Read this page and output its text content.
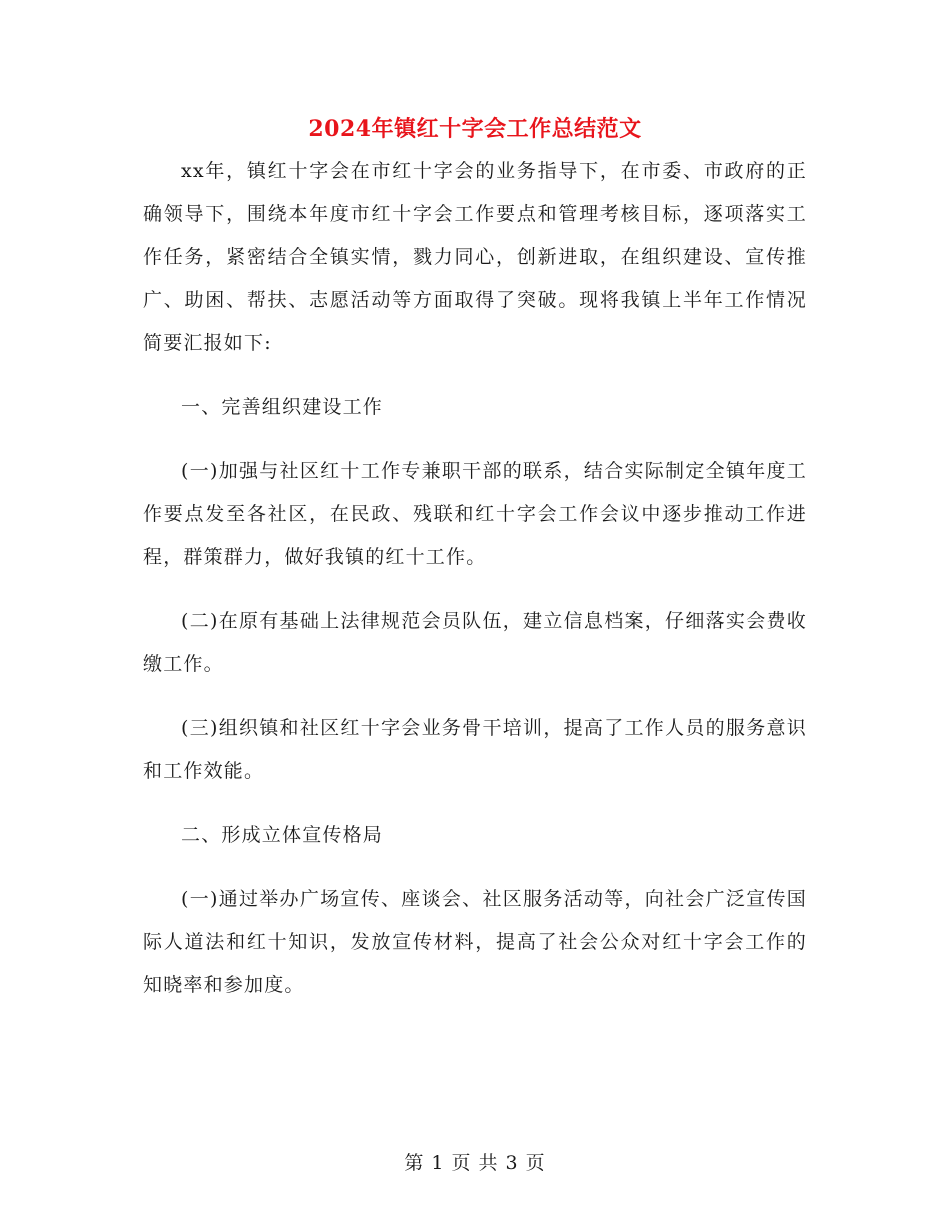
2024年镇红十字会工作总结范文

xx年，镇红十字会在市红十字会的业务指导下，在市委、市政府的正确领导下，围绕本年度市红十字会工作要点和管理考核目标，逐项落实工作任务，紧密结合全镇实情，戮力同心，创新进取，在组织建设、宣传推广、助困、帮扶、志愿活动等方面取得了突破。现将我镇上半年工作情况简要汇报如下:

一、完善组织建设工作

(一)加强与社区红十工作专兼职干部的联系，结合实际制定全镇年度工作要点发至各社区，在民政、残联和红十字会工作会议中逐步推动工作进程，群策群力，做好我镇的红十工作。

(二)在原有基础上法律规范会员队伍，建立信息档案，仔细落实会费收缴工作。

(三)组织镇和社区红十字会业务骨干培训，提高了工作人员的服务意识和工作效能。

二、形成立体宣传格局

(一)通过举办广场宣传、座谈会、社区服务活动等，向社会广泛宣传国际人道法和红十知识，发放宣传材料，提高了社会公众对红十字会工作的知晓率和参加度。

第 1 页 共 3 页
